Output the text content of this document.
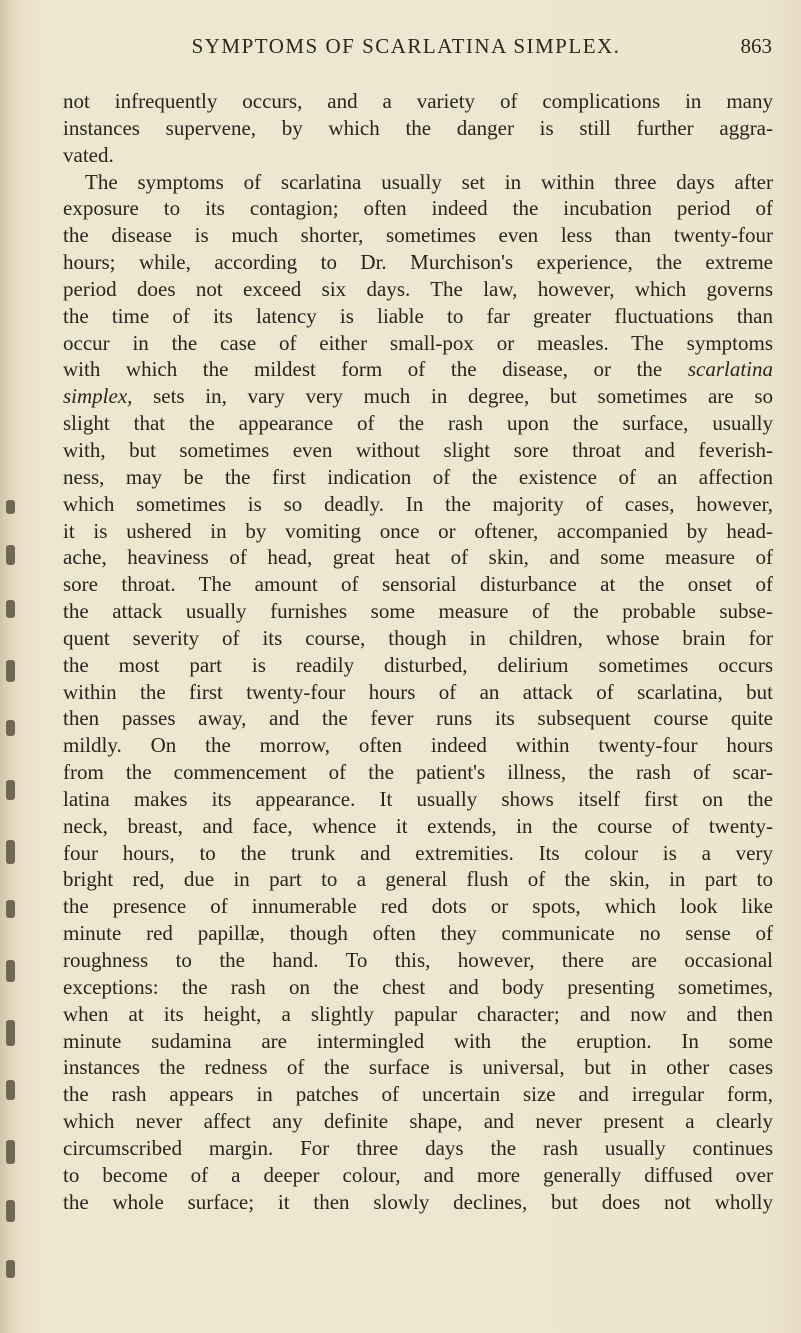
SYMPTOMS OF SCARLATINA SIMPLEX.	863
not infrequently occurs, and a variety of complications in many
instances supervene, by which the danger is still further aggra-
vated.
The symptoms of scarlatina usually set in within three days after
exposure to its contagion; often indeed the incubation period of
the disease is much shorter, sometimes even less than twenty-four
hours; while, according to Dr. Murchison's experience, the extreme
period does not exceed six days. The law, however, which governs
the time of its latency is liable to far greater fluctuations than
occur in the case of either small-pox or measles. The symptoms
with which the mildest form of the disease, or the scarlatina
simplex, sets in, vary very much in degree, but sometimes are so
slight that the appearance of the rash upon the surface, usually
with, but sometimes even without slight sore throat and feverish-
ness, may be the first indication of the existence of an affection
which sometimes is so deadly. In the majority of cases, however,
it is ushered in by vomiting once or oftener, accompanied by head-
ache, heaviness of head, great heat of skin, and some measure of
sore throat. The amount of sensorial disturbance at the onset of
the attack usually furnishes some measure of the probable subse-
quent severity of its course, though in children, whose brain for
the most part is readily disturbed, delirium sometimes occurs
within the first twenty-four hours of an attack of scarlatina, but
then passes away, and the fever runs its subsequent course quite
mildly. On the morrow, often indeed within twenty-four hours
from the commencement of the patient's illness, the rash of scar-
latina makes its appearance. It usually shows itself first on the
neck, breast, and face, whence it extends, in the course of twenty-
four hours, to the trunk and extremities. Its colour is a very
bright red, due in part to a general flush of the skin, in part to
the presence of innumerable red dots or spots, which look like
minute red papillæ, though often they communicate no sense of
roughness to the hand. To this, however, there are occasional
exceptions: the rash on the chest and body presenting sometimes,
when at its height, a slightly papular character; and now and then
minute sudamina are intermingled with the eruption. In some
instances the redness of the surface is universal, but in other cases
the rash appears in patches of uncertain size and irregular form,
which never affect any definite shape, and never present a clearly
circumscribed margin. For three days the rash usually continues
to become of a deeper colour, and more generally diffused over
the whole surface; it then slowly declines, but does not wholly
